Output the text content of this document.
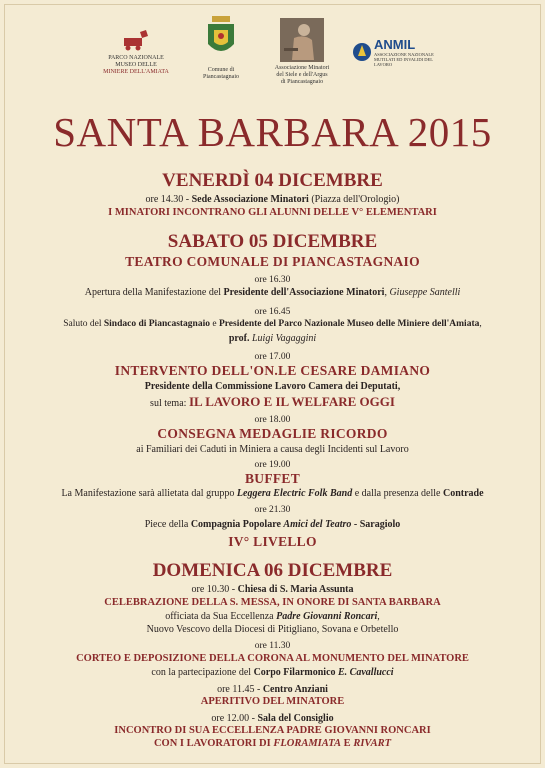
PARCO NAZIONALE
MUSEO DELLE
MINIERE DELL'AMIATA	Comune di
Piancastagnaio
Associazione Minatori
del Siele e dell'Argus
di Piancastagnaio
ANMIL
ASSOCIAZIONE NAZIONALE
MUTILATI ED INVALIDI DEL LAVORO
SANTA BARBARA 2015
VENERDÌ 04 DICEMBRE
ore 14.30 - Sede Associazione Minatori (Piazza dell'Orologio)
I MINATORI INCONTRANO GLI ALUNNI DELLE V° ELEMENTARI
SABATO 05 DICEMBRE
TEATRO COMUNALE DI PIANCASTAGNAIO
ore 16.30
Apertura della Manifestazione del Presidente dell'Associazione Minatori, Giuseppe Santelli
ore 16.45
Saluto del Sindaco di Piancastagnaio e Presidente del Parco Nazionale Museo delle Miniere dell'Amiata,
prof. Luigi Vagaggini
ore 17.00
INTERVENTO DELL'ON.LE CESARE DAMIANO
Presidente della Commissione Lavoro Camera dei Deputati,
sul tema: IL LAVORO E IL WELFARE OGGI
ore 18.00
CONSEGNA MEDAGLIE RICORDO
ai Familiari dei Caduti in Miniera a causa degli Incidenti sul Lavoro
ore 19.00
BUFFET
La Manifestazione sarà allietata dal gruppo Leggera Electric Folk Band e dalla presenza delle Contrade
ore 21.30
Piece della Compagnia Popolare Amici del Teatro - Saragiolo
IV° LIVELLO
DOMENICA 06 DICEMBRE
ore 10.30 - Chiesa di S. Maria Assunta
CELEBRAZIONE DELLA S. MESSA, IN ONORE DI SANTA BARBARA
officiata da Sua Eccellenza Padre Giovanni Roncari,
Nuovo Vescovo della Diocesi di Pitigliano, Sovana e Orbetello
ore 11.30
CORTEO E DEPOSIZIONE DELLA CORONA AL MONUMENTO DEL MINATORE
con la partecipazione del Corpo Filarmonico E. Cavallucci
ore 11.45 - Centro Anziani
APERITIVO DEL MINATORE
ore 12.00 - Sala del Consiglio
INCONTRO DI SUA ECCELLENZA PADRE GIOVANNI RONCARI
CON I LAVORATORI DI FLORAMIATA E RIVART
